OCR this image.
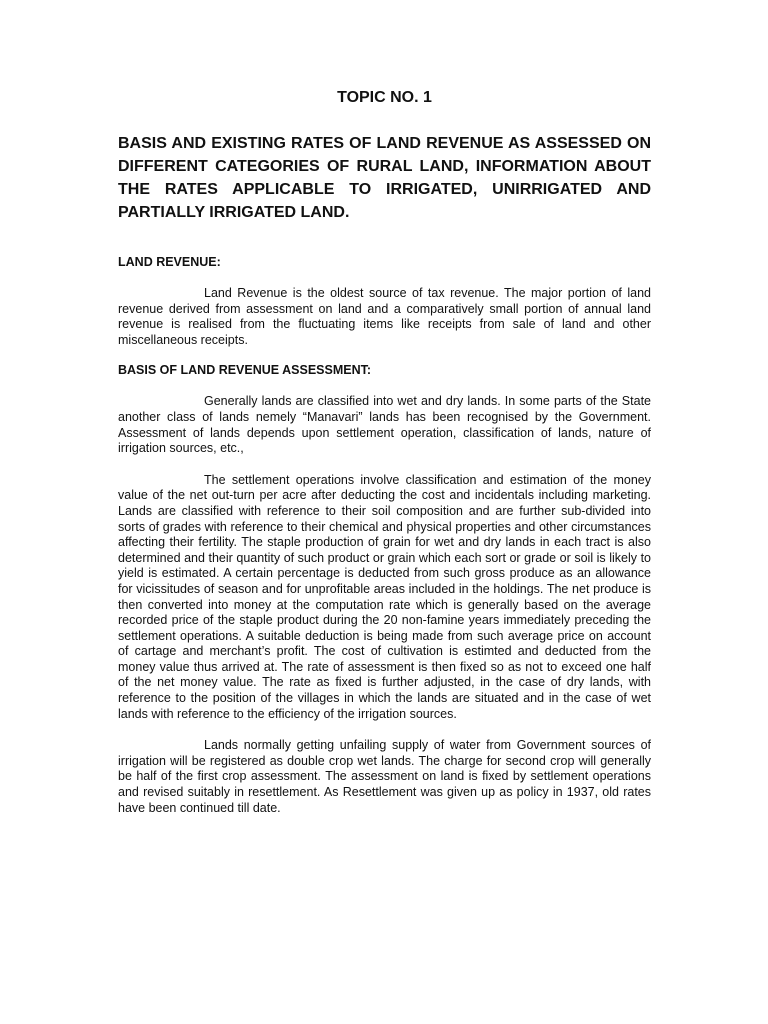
TOPIC NO. 1
BASIS AND EXISTING RATES OF LAND REVENUE AS ASSESSED ON DIFFERENT CATEGORIES OF RURAL LAND, INFORMATION ABOUT THE RATES APPLICABLE TO IRRIGATED, UNIRRIGATED AND PARTIALLY IRRIGATED LAND.
LAND REVENUE:

Land Revenue is the oldest source of tax revenue. The major portion of land revenue derived from assessment on land and a comparatively small portion of annual land revenue is realised from the fluctuating items like receipts from sale of land and other miscellaneous receipts.

BASIS OF LAND REVENUE ASSESSMENT:

Generally lands are classified into wet and dry lands. In some parts of the State another class of lands nemely “Manavari” lands has been recognised by the Government. Assessment of lands depends upon settlement operation, classification of lands, nature of irrigation sources, etc.,

The settlement operations involve classification and estimation of the money value of the net out-turn per acre after deducting the cost and incidentals including marketing. Lands are classified with reference to their soil composition and are further sub-divided into sorts of grades with reference to their chemical and physical properties and other circumstances affecting their fertility. The staple production of grain for wet and dry lands in each tract is also determined and their quantity of such product or grain which each sort or grade or soil is likely to yield is estimated. A certain percentage is deducted from such gross produce as an allowance for vicissitudes of season and for unprofitable areas included in the holdings. The net produce is then converted into money at the computation rate which is generally based on the average recorded price of the staple product during the 20 non-famine years immediately preceding the settlement operations. A suitable deduction is being made from such average price on account of cartage and merchant’s profit. The cost of cultivation is estimted and deducted from the money value thus arrived at. The rate of assessment is then fixed so as not to exceed one half of the net money value. The rate as fixed is further adjusted, in the case of dry lands, with reference to the position of the villages in which the lands are situated and in the case of wet lands with reference to the efficiency of the irrigation sources.

Lands normally getting unfailing supply of water from Government sources of irrigation will be registered as double crop wet lands. The charge for second crop will generally be half of the first crop assessment. The assessment on land is fixed by settlement operations and revised suitably in resettlement. As Resettlement was given up as policy in 1937, old rates have been continued till date.
